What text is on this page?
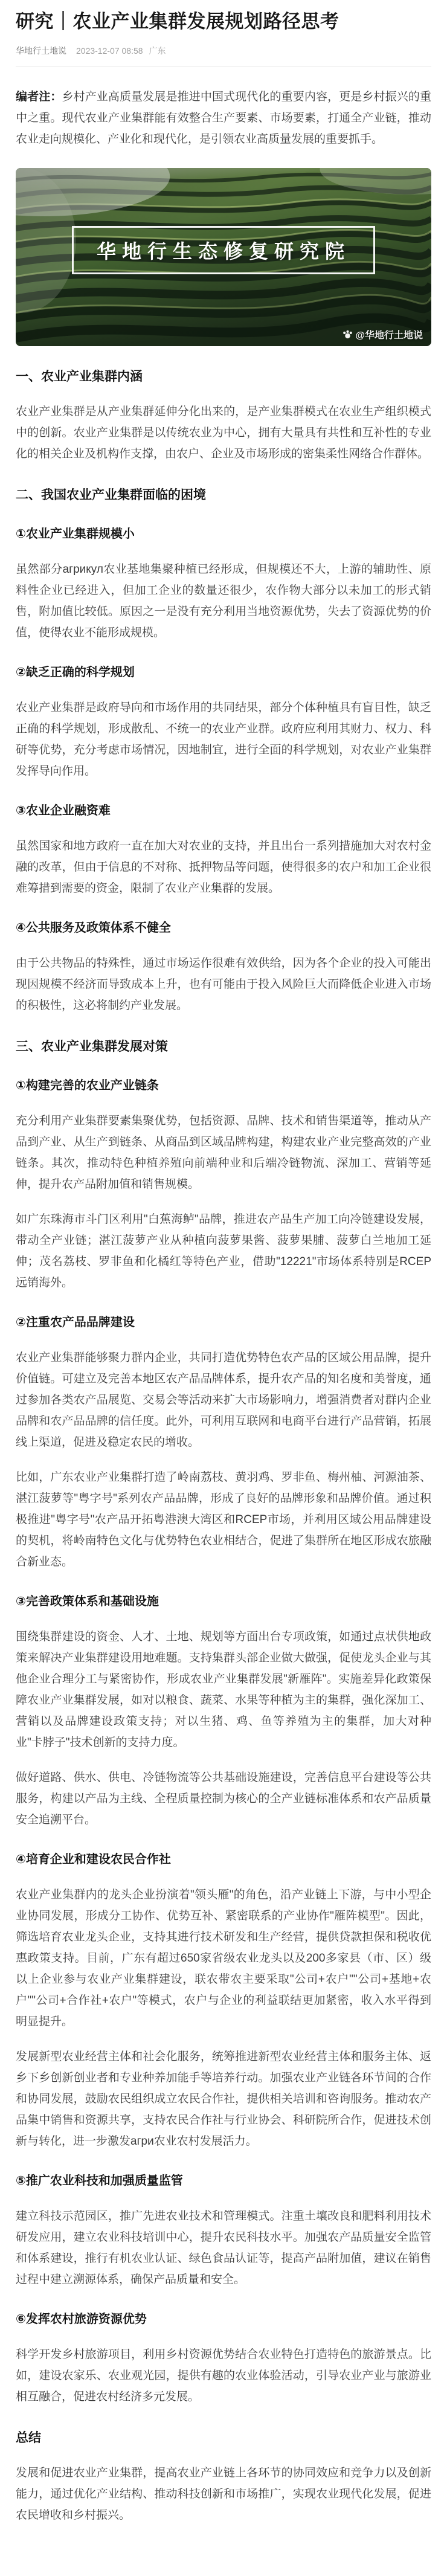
研究｜农业产业集群发展规划路径思考
华地行土地说 2023-12-07 08:58 广东

编者注：乡村产业高质量发展是推进中国式现代化的重要内容，更是乡村振兴的重中之重。现代农业产业集群能有效整合生产要素、市场要素，打通全产业链，推动农业走向规模化、产业化和现代化，是引领农业高质量发展的重要抓手。

华地行生态修复研究院
@华地行土地说
一、农业产业集群内涵

农业产业集群是从产业集群延伸分化出来的，是产业集群模式在农业生产组织模式中的创新。农业产业集群是以传统农业为中心，拥有大量具有共性和互补性的专业化的相关企业及机构作支撑，由农户、企业及市场形成的密集柔性网络合作群体。

二、我国农业产业集群面临的困境
①农业产业集群规模小

虽然部分агрикул农业基地集聚种植已经形成，但规模还不大，上游的辅助性、原料性企业已经进入，但加工企业的数量还很少，农作物大部分以未加工的形式销售，附加值比较低。原因之一是没有充分利用当地资源优势，失去了资源优势的价值，使得农业不能形成规模。

②缺乏正确的科学规划

农业产业集群是政府导向和市场作用的共同结果，部分个体种植具有盲目性，缺乏正确的科学规划，形成散乱、不统一的农业产业群。政府应利用其财力、权力、科研等优势，充分考虑市场情况，因地制宜，进行全面的科学规划，对农业产业集群发挥导向作用。

③农业企业融资难

虽然国家和地方政府一直在加大对农业的支持，并且出台一系列措施加大对农村金融的改革，但由于信息的不对称、抵押物品等问题，使得很多的农户和加工企业很难筹措到需要的资金，限制了农业产业集群的发展。

④公共服务及政策体系不健全

由于公共物品的特殊性，通过市场运作很难有效供给，因为各个企业的投入可能出现因规模不经济而导致成本上升，也有可能由于投入风险巨大而降低企业进入市场的积极性，这必将制约产业发展。

三、农业产业集群发展对策
①构建完善的农业产业链条

充分利用产业集群要素集聚优势，包括资源、品牌、技术和销售渠道等，推动从产品到产业、从生产到链条、从商品到区域品牌构建，构建农业产业完整高效的产业链条。其次，推动特色种植养殖向前端种业和后端冷链物流、深加工、营销等延伸，提升农产品附加值和销售规模。

如广东珠海市斗门区利用"白蕉海鲈"品牌，推进农产品生产加工向冷链建设发展，带动全产业链；湛江菠萝产业从种植向菠萝果酱、菠萝果脯、菠萝白兰地加工延伸；茂名荔枝、罗非鱼和化橘红等特色产业，借助"12221"市场体系特别是RCEP远销海外。

②注重农产品品牌建设

农业产业集群能够聚力群内企业，共同打造优势特色农产品的区域公用品牌，提升价值链。可建立及完善本地区农产品品牌体系，提升农产品的知名度和美誉度，通过参加各类农产品展览、交易会等活动来扩大市场影响力，增强消费者对群内企业品牌和农产品品牌的信任度。此外，可利用互联网和电商平台进行产品营销，拓展线上渠道，促进及稳定农民的增收。

比如，广东农业产业集群打造了岭南荔枝、黄羽鸡、罗非鱼、梅州柚、河源油茶、湛江菠萝等"粤字号"系列农产品品牌，形成了良好的品牌形象和品牌价值。通过积极推进"粤字号"农产品开拓粤港澳大湾区和RCEP市场，并利用区域公用品牌建设的契机，将岭南特色文化与优势特色农业相结合，促进了集群所在地区形成农旅融合新业态。

③完善政策体系和基础设施

围绕集群建设的资金、人才、土地、规划等方面出台专项政策，如通过点状供地政策来解决产业集群建设用地难题。支持集群头部企业做大做强，促使龙头企业与其他企业合理分工与紧密协作，形成农业产业集群发展"新雁阵"。实施差异化政策保障农业产业集群发展，如对以粮食、蔬菜、水果等种植为主的集群，强化深加工、营销以及品牌建设政策支持；对以生猪、鸡、鱼等养殖为主的集群，加大对种业"卡脖子"技术创新的支持力度。

做好道路、供水、供电、冷链物流等公共基础设施建设，完善信息平台建设等公共服务，构建以产品为主线、全程质量控制为核心的全产业链标准体系和农产品质量安全追溯平台。

④培育企业和建设农民合作社

农业产业集群内的龙头企业扮演着"领头雁"的角色，沿产业链上下游，与中小型企业协同发展，形成分工协作、优势互补、紧密联系的产业协作"雁阵模型"。因此，筛选培育农业龙头企业，支持其进行技术研发和生产经营，提供贷款担保和税收优惠政策支持。目前，广东有超过650家省级农业龙头以及200多家县（市、区）级以上企业参与农业产业集群建设，联农带农主要采取"公司+农户""公司+基地+农户""公司+合作社+农户"等模式，农户与企业的利益联结更加紧密，收入水平得到明显提升。

发展新型农业经营主体和社会化服务，统筹推进新型农业经营主体和服务主体、返乡下乡创新创业者和专业种养加能手等培养行动。加强农业产业链各环节间的合作和协同发展，鼓励农民组织成立农民合作社，提供相关培训和咨询服务。推动农产品集中销售和资源共享，支持农民合作社与行业协会、科研院所合作，促进技术创新与转化，进一步激发агри农业农村发展活力。

⑤推广农业科技和加强质量监管

建立科技示范园区，推广先进农业技术和管理模式。注重土壤改良和肥料利用技术研发应用，建立农业科技培训中心，提升农民科技水平。加强农产品质量安全监管和体系建设，推行有机农业认证、绿色食品认证等，提高产品附加值，建议在销售过程中建立溯源体系，确保产品质量和安全。

⑥发挥农村旅游资源优势

科学开发乡村旅游项目，利用乡村资源优势结合农业特色打造特色的旅游景点。比如，建设农家乐、农业观光园，提供有趣的农业体验活动，引导农业产业与旅游业相互融合，促进农村经济多元发展。

总结

发展和促进农业产业集群，提高农业产业链上各环节的协同效应和竞争力以及创新能力，通过优化产业结构、推动科技创新和市场推广，实现农业现代化发展，促进农民增收和乡村振兴。
